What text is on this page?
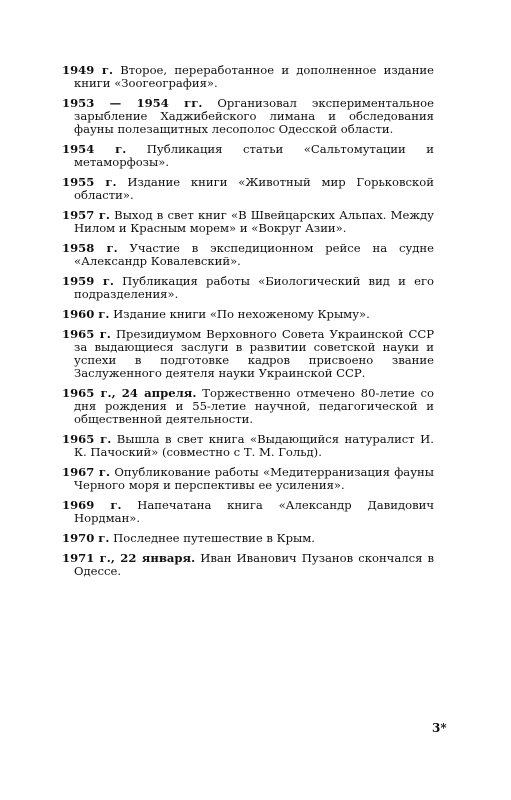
1949 г. Второе, переработанное и дополненное издание книги «Зоогеография».

1953 — 1954 гг. Организовал экспериментальное зарыбление Хаджибейского лимана и обследования фауны полезащитных лесополос Одесской области.

1954 г. Публикация статьи «Сальтомутации и метаморфозы».

1955 г. Издание книги «Животный мир Горьковской области».

1957 г. Выход в свет книг «В Швейцарских Альпах. Между Нилом и Красным морем» и «Вокруг Азии».

1958 г. Участие в экспедиционном рейсе на судне «Александр Ковалевский».

1959 г. Публикация работы «Биологический вид и его подразделения».

1960 г. Издание книги «По нехоженому Крыму».

1965 г. Президиумом Верховного Совета Украинской ССР за выдающиеся заслуги в развитии советской науки и успехи в подготовке кадров присвоено звание Заслуженного деятеля науки Украинской ССР.

1965 г., 24 апреля. Торжественно отмечено 80-летие со дня рождения и 55-летие научной, педагогической и общественной деятельности.

1965 г. Вышла в свет книга «Выдающийся натуралист И. К. Пачоский» (совместно с Т. М. Гольд).

1967 г. Опубликование работы «Медитерранизация фауны Черного моря и перспективы ее усиления».

1969 г. Напечатана книга «Александр Давидович Нордман».

1970 г. Последнее путешествие в Крым.

1971 г., 22 января. Иван Иванович Пузанов скончался в Одессе.

3*
